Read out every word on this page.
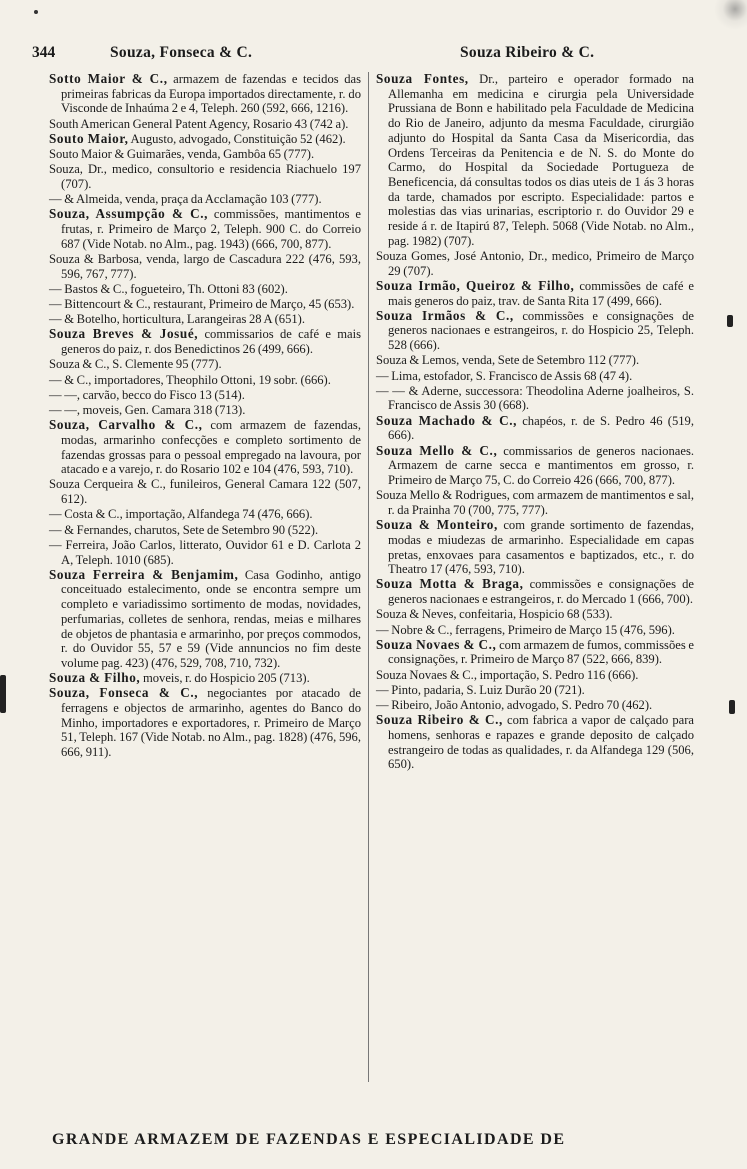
344	Souza, Fonseca & C.	Souza Ribeiro & C.
Sotto Maior & C., armazem de fazendas e tecidos das primeiras fabricas da Europa importados directamente, r. do Visconde de Inhaúma 2 e 4, Teleph. 260 (592, 666, 1216).
South American General Patent Agency, Rosario 43 (742 a).
Souto Maior, Augusto, advogado, Constituição 52 (462).
Souto Maior & Guimarães, venda, Gambôa 65 (777).
Souza, Dr., medico, consultorio e residencia Riachuelo 197 (707).
— & Almeida, venda, praça da Acclamação 103 (777).
Souza, Assumpção & C., commissões, mantimentos e frutas, r. Primeiro de Março 2, Teleph. 900 C. do Correio 687 (Vide Notab. no Alm., pag. 1943) (666, 700, 877).
Souza & Barbosa, venda, largo de Cascadura 222 (476, 593, 596, 767, 777).
— Bastos & C., fogueteiro, Th. Ottoni 83 (602).
— Bittencourt & C., restaurant, Primeiro de Março, 45 (653).
— & Botelho, horticultura, Larangeiras 28 A (651).
Souza Breves & Josué, commissarios de café e mais generos do paiz, r. dos Benedictinos 26 (499, 666).
Souza & C., S. Clemente 95 (777).
— & C., importadores, Theophilo Ottoni, 19 sobr. (666).
— —, carvão, becco do Fisco 13 (514).
— —, moveis, Gen. Camara 318 (713).
Souza, Carvalho & C., com armazem de fazendas, modas, armarinho confecções e completo sortimento de fazendas grossas para o pessoal empregado na lavoura, por atacado e a varejo, r. do Rosario 102 e 104 (476, 593, 710).
Souza Cerqueira & C., funileiros, General Camara 122 (507, 612).
— Costa & C., importação, Alfandega 74 (476, 666).
— & Fernandes, charutos, Sete de Setembro 90 (522).
— Ferreira, João Carlos, litterato, Ouvidor 61 e D. Carlota 2 A, Teleph. 1010 (685).
Souza Ferreira & Benjamim, Casa Godinho, antigo conceituado estalecimento, onde se encontra sempre um completo e variadissimo sortimento de modas, novidades, perfumarias, colletes de senhora, rendas, meias e milhares de objetos de phantasia e armarinho, por preços commodos, r. do Ouvidor 55, 57 e 59 (Vide annuncios no fim deste volume pag. 423) (476, 529, 708, 710, 732).
Souza & Filho, moveis, r. do Hospicio 205 (713).
Souza, Fonseca & C., negociantes por atacado de ferragens e objectos de armarinho, agentes do Banco do Minho, importadores e exportadores, r. Primeiro de Março 51, Teleph. 167 (Vide Notab. no Alm., pag. 1828) (476, 596, 666, 911).
Souza Fontes, Dr., parteiro e operador formado na Allemanha em medicina e cirurgia pela Universidade Prussiana de Bonn e habilitado pela Faculdade de Medicina do Rio de Janeiro, adjunto da mesma Faculdade, cirurgião adjunto do Hospital da Santa Casa da Misericordia, das Ordens Terceiras da Penitencia e de N. S. do Monte do Carmo, do Hospital da Sociedade Portugueza de Beneficencia, dá consultas todos os dias uteis de 1 ás 3 horas da tarde, chamados por escripto. Especialidade: partos e molestias das vias urinarias, escriptorio r. do Ouvidor 29 e reside á r. de Itapirú 87, Teleph. 5068 (Vide Notab. no Alm., pag. 1982) (707).
Souza Gomes, José Antonio, Dr., medico, Primeiro de Março 29 (707).
Souza Irmão, Queiroz & Filho, commissões de café e mais generos do paiz, trav. de Santa Rita 17 (499, 666).
Souza Irmãos & C., commissões e consignações de generos nacionaes e estrangeiros, r. do Hospicio 25, Teleph. 528 (666).
Souza & Lemos, venda, Sete de Setembro 112 (777).
— Lima, estofador, S. Francisco de Assis 68 (47 4).
— — & Aderne, successora: Theodolina Aderne joalheiros, S. Francisco de Assis 30 (668).
Souza Machado & C., chapéos, r. de S. Pedro 46 (519, 666).
Souza Mello & C., commissarios de generos nacionaes. Armazem de carne secca e mantimentos em grosso, r. Primeiro de Março 75, C. do Correio 426 (666, 700, 877).
Souza Mello & Rodrigues, com armazem de mantimentos e sal, r. da Prainha 70 (700, 775, 777).
Souza & Monteiro, com grande sortimento de fazendas, modas e miudezas de armarinho. Especialidade em capas pretas, enxovaes para casamentos e baptizados, etc., r. do Theatro 17 (476, 593, 710).
Souza Motta & Braga, commissões e consignações de generos nacionaes e estrangeiros, r. do Mercado 1 (666, 700).
Souza & Neves, confeitaria, Hospicio 68 (533).
— Nobre & C., ferragens, Primeiro de Março 15 (476, 596).
Souza Novaes & C., com armazem de fumos, commissões e consignações, r. Primeiro de Março 87 (522, 666, 839).
Souza Novaes & C., importação, S. Pedro 116 (666).
— Pinto, padaria, S. Luiz Durão 20 (721).
— Ribeiro, João Antonio, advogado, S. Pedro 70 (462).
Souza Ribeiro & C., com fabrica a vapor de calçado para homens, senhoras e rapazes e grande deposito de calçado estrangeiro de todas as qualidades, r. da Alfandega 129 (506, 650).
GRANDE ARMAZEM DE FAZENDAS E ESPECIALIDADE DE
